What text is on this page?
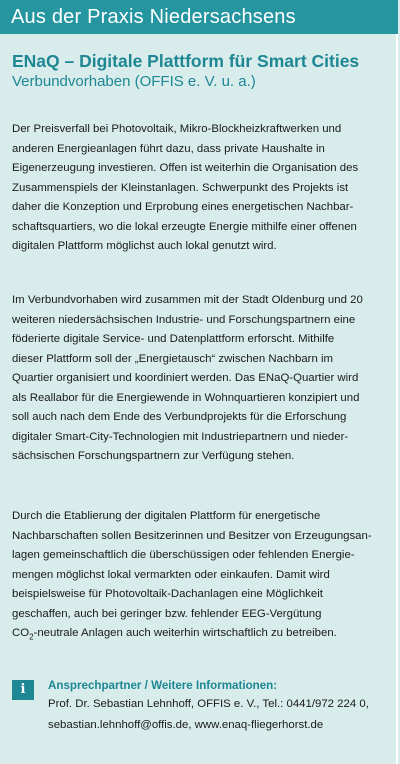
Aus der Praxis Niedersachsens
ENaQ – Digitale Plattform für Smart Cities
Verbundvorhaben (OFFIS e. V. u. a.)
Der Preisverfall bei Photovoltaik, Mikro-Blockheizkraftwerken und
anderen Energieanlagen führt dazu, dass private Haushalte in
Eigenerzeugung investieren. Offen ist weiterhin die Organisation des
Zusammenspiels der Kleinstanlagen. Schwerpunkt des Projekts ist
daher die Konzeption und Erprobung eines energetischen Nachbar-
schaftsquartiers, wo die lokal erzeugte Energie mithilfe einer offenen
digitalen Plattform möglichst auch lokal genutzt wird.
Im Verbundvorhaben wird zusammen mit der Stadt Oldenburg und 20
weiteren niedersächsischen Industrie- und Forschungspartnern eine
föderierte digitale Service- und Datenplattform erforscht. Mithilfe
dieser Plattform soll der „Energietausch“ zwischen Nachbarn im
Quartier organisiert und koordiniert werden. Das ENaQ-Quartier wird
als Reallabor für die Energiewende in Wohnquartieren konzipiert und
soll auch nach dem Ende des Verbundprojekts für die Erforschung
digitaler Smart-City-Technologien mit Industriepartnern und nieder-
sächsischen Forschungspartnern zur Verfügung stehen.
Durch die Etablierung der digitalen Plattform für energetische
Nachbarschaften sollen Besitzerinnen und Besitzer von Erzeugungsan-
lagen gemeinschaftlich die überschüssigen oder fehlenden Energie-
mengen möglichst lokal vermarkten oder einkaufen. Damit wird
beispielsweise für Photovoltaik-Dachanlagen eine Möglichkeit
geschaffen, auch bei geringer bzw. fehlender EEG-Vergütung
$CO_2$-neutrale Anlagen auch weiterhin wirtschaftlich zu betreiben.
i	Ansprechpartner / Weitere Informationen:
Prof. Dr. Sebastian Lehnhoff, OFFIS e. V., Tel.: 0441/972 224 0,
sebastian.lehnhoff@offis.de, www.enaq-fliegerhorst.de
